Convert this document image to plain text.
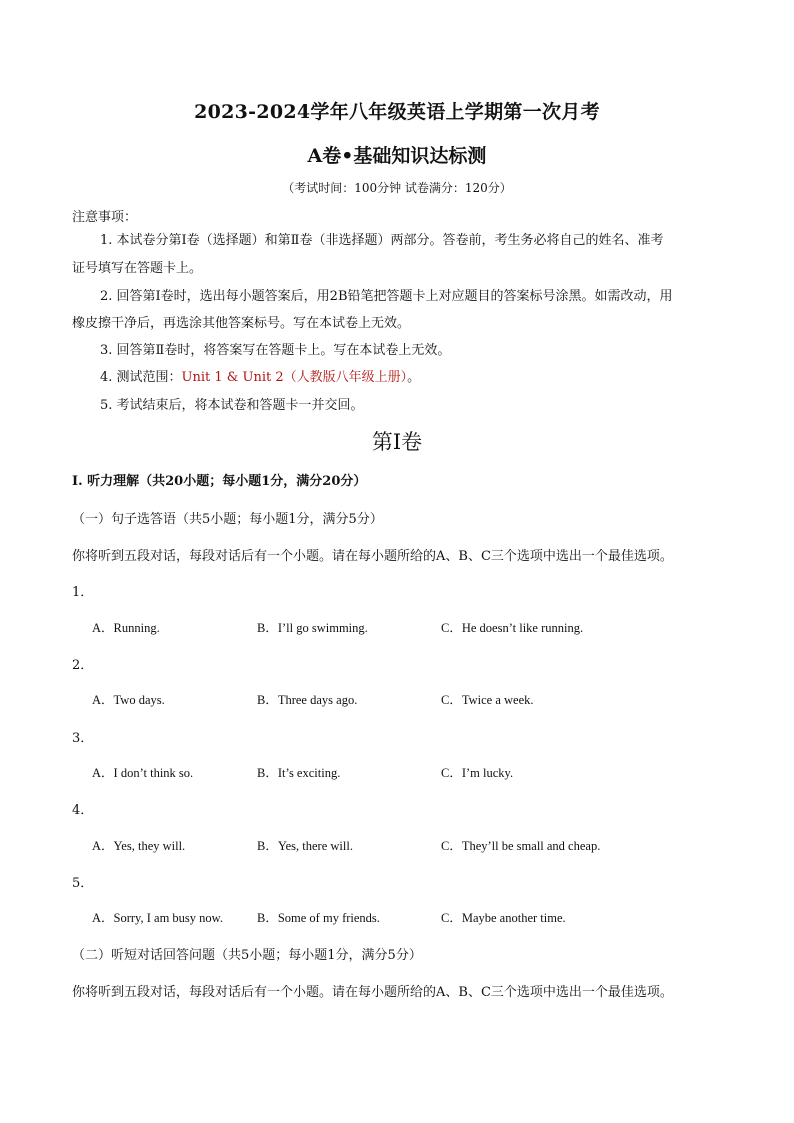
2023-2024学年八年级英语上学期第一次月考
A卷•基础知识达标测
（考试时间：100分钟 试卷满分：120分）
注意事项：
1. 本试卷分第Ⅰ卷（选择题）和第Ⅱ卷（非选择题）两部分。答卷前，考生务必将自己的姓名、准考
证号填写在答题卡上。
2. 回答第Ⅰ卷时，选出每小题答案后，用2B铅笔把答题卡上对应题目的答案标号涂黑。如需改动，用
橡皮擦干净后，再选涂其他答案标号。写在本试卷上无效。
3. 回答第Ⅱ卷时，将答案写在答题卡上。写在本试卷上无效。
4. 测试范围：Unit 1 & Unit 2（人教版八年级上册）。
5. 考试结束后，将本试卷和答题卡一并交回。
第Ⅰ卷
I. 听力理解（共20小题；每小题1分，满分20分）
（一）句子选答语（共5小题；每小题1分，满分5分）
你将听到五段对话，每段对话后有一个小题。请在每小题所给的A、B、C三个选项中选出一个最佳选项。
1．
A．Running.	B．I’ll go swimming.	C．He doesn’t like running.
2．
A．Two days.	B．Three days ago.	C．Twice a week.
3．
A．I don’t think so.	B．It’s exciting.	C．I’m lucky.
4．
A．Yes, they will.	B．Yes, there will.	C．They’ll be small and cheap.
5．
A．Sorry, I am busy now.	B．Some of my friends.	C．Maybe another time.
（二）听短对话回答问题（共5小题；每小题1分，满分5分）
你将听到五段对话，每段对话后有一个小题。请在每小题所给的A、B、C三个选项中选出一个最佳选项。
